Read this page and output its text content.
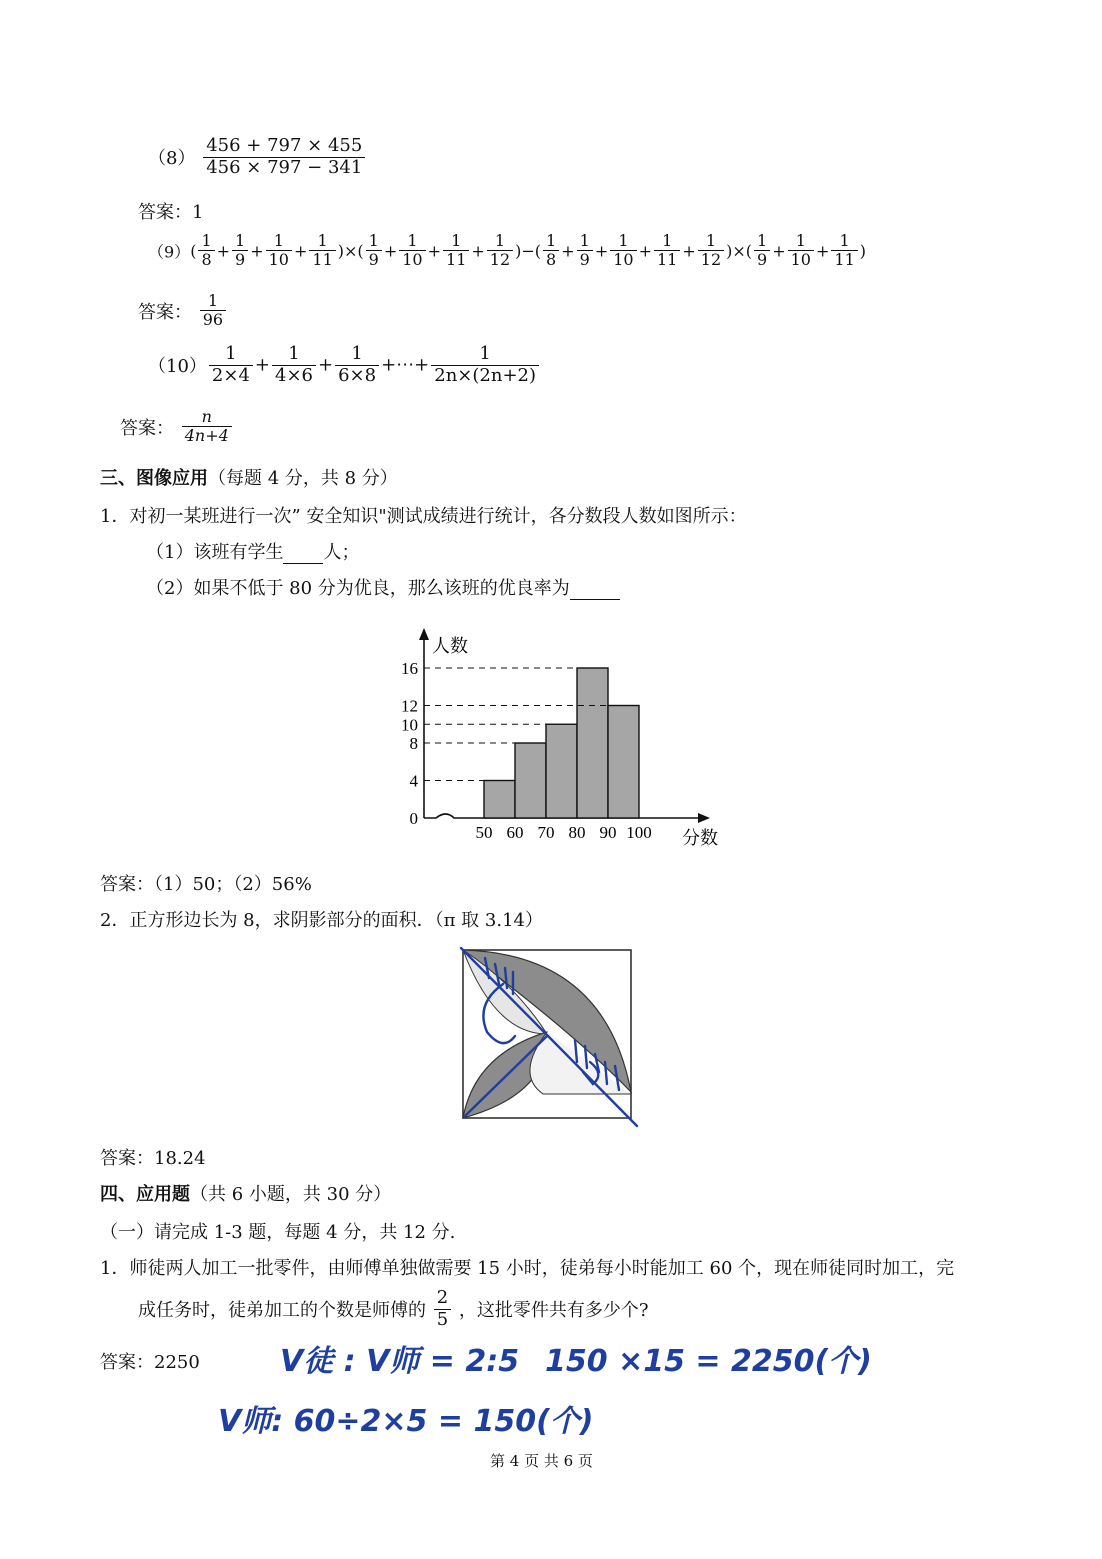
$(8) \frac{456 + 797 \times 455}{456 \times 797 - 341}$
答案：1
$(9)( \frac{1}{8} + \frac{1}{9} + \frac{1}{10} + \frac{1}{11}$ )×( $\frac{1}{9} + \frac{1}{10} + \frac{1}{11} + \frac{1}{12}$ )−( $\frac{1}{8} + \frac{1}{9} + \frac{1}{10} + \frac{1}{11} + \frac{1}{12}$ )×( $\frac{1}{9} + \frac{1}{10} + \frac{1}{11}$ )
答案： $\frac{1}{96}$
$(10) \frac{1}{2\times 4} + \frac{1}{4\times 6} + \frac{1}{6\times 8}$ +⋯+ $\frac{1}{2n\times(2n+2)}$
答案： $\frac{n}{4n+4}$
三、图像应用（每题 4 分，共 8 分）
1．对初一某班进行一次” 安全知识"测试成绩进行统计，各分数段人数如图所示：
（1）该班有学生 人；
（2）如果不低于 80 分为优良，那么该班的优良率为
0
4
8
10
12
16
50 60 70 80 90 100
人数
分数
答案：（1）50；（2）56%
2．正方形边长为 8，求阴影部分的面积．（π 取 3.14）
答案：18.24
四、应用题（共 6 小题，共 30 分）
（一）请完成 1-3 题，每题 4 分，共 12 分.
1．师徒两人加工一批零件，由师傅单独做需要 15 小时，徒弟每小时能加工 60 个，现在师徒同时加工，完
成任务时，徒弟加工的个数是师傅的 $\frac{2}{5}$ ，这批零件共有多少个?
答案：2250	V徒 : V师 = 2:5 150 ×15 = 2250(个)
V师: 60÷2×5 = 150(个)
第 4 页 共 6 页
